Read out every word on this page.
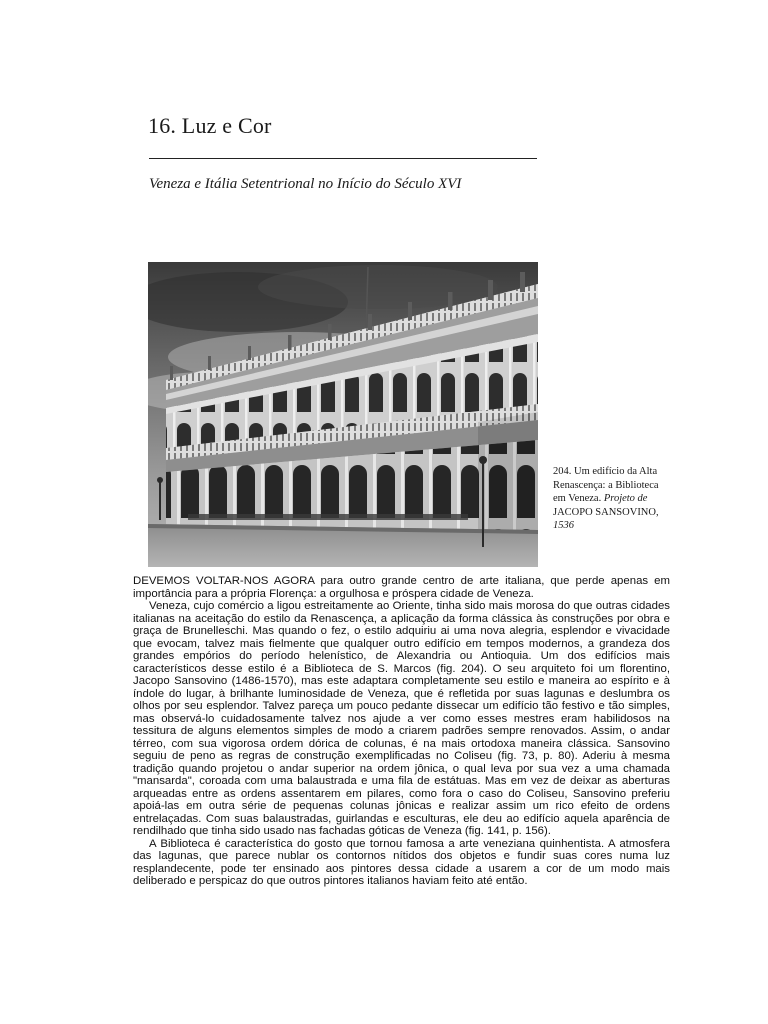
16. Luz e Cor
Veneza e Itália Setentrional no Início do Século XVI
204. Um edifício da Alta Renascença: a Biblioteca em Veneza. Projeto de JACOPO SANSOVINO, 1536

DEVEMOS VOLTAR-NOS AGORA para outro grande centro de arte italiana, que perde apenas em importância para a própria Florença: a orgulhosa e próspera cidade de Veneza.

Veneza, cujo comércio a ligou estreitamente ao Oriente, tinha sido mais morosa do que outras cidades italianas na aceitação do estilo da Renascença, a aplicação da forma clássica às construções por obra e graça de Brunelleschi. Mas quando o fez, o estilo adquiriu ai uma nova alegria, esplendor e vivacidade que evocam, talvez mais fielmente que qualquer outro edifício em tempos modernos, a grandeza dos grandes empórios do período helenístico, de Alexandria ou Antioquia. Um dos edifícios mais característicos desse estilo é a Biblioteca de S. Marcos (fig. 204). O seu arquiteto foi um florentino, Jacopo Sansovino (1486-1570), mas este adaptara completamente seu estilo e maneira ao espírito e à índole do lugar, à brilhante luminosidade de Veneza, que é refletida por suas lagunas e deslumbra os olhos por seu esplendor. Talvez pareça um pouco pedante dissecar um edifício tão festivo e tão simples, mas observá-lo cuidadosamente talvez nos ajude a ver como esses mestres eram habilidosos na tessitura de alguns elementos simples de modo a criarem padrões sempre renovados. Assim, o andar térreo, com sua vigorosa ordem dórica de colunas, é na mais ortodoxa maneira clássica. Sansovino seguiu de peno as regras de construção exemplificadas no Coliseu (fig. 73, p. 80). Aderiu à mesma tradição quando projetou o andar superior na ordem jônica, o qual leva por sua vez a uma chamada "mansarda", coroada com uma balaustrada e uma fila de estátuas. Mas em vez de deixar as aberturas arqueadas entre as ordens assentarem em pilares, como fora o caso do Coliseu, Sansovino preferiu apoiá-las em outra série de pequenas colunas jônicas e realizar assim um rico efeito de ordens entrelaçadas. Com suas balaustradas, guirlandas e esculturas, ele deu ao edifício aquela aparência de rendilhado que tinha sido usado nas fachadas góticas de Veneza (fig. 141, p. 156).

A Biblioteca é característica do gosto que tornou famosa a arte veneziana quinhentista. A atmosfera das lagunas, que parece nublar os contornos nítidos dos objetos e fundir suas cores numa luz resplandecente, pode ter ensinado aos pintores dessa cidade a usarem a cor de um modo mais deliberado e perspicaz do que outros pintores italianos haviam feito até então.
